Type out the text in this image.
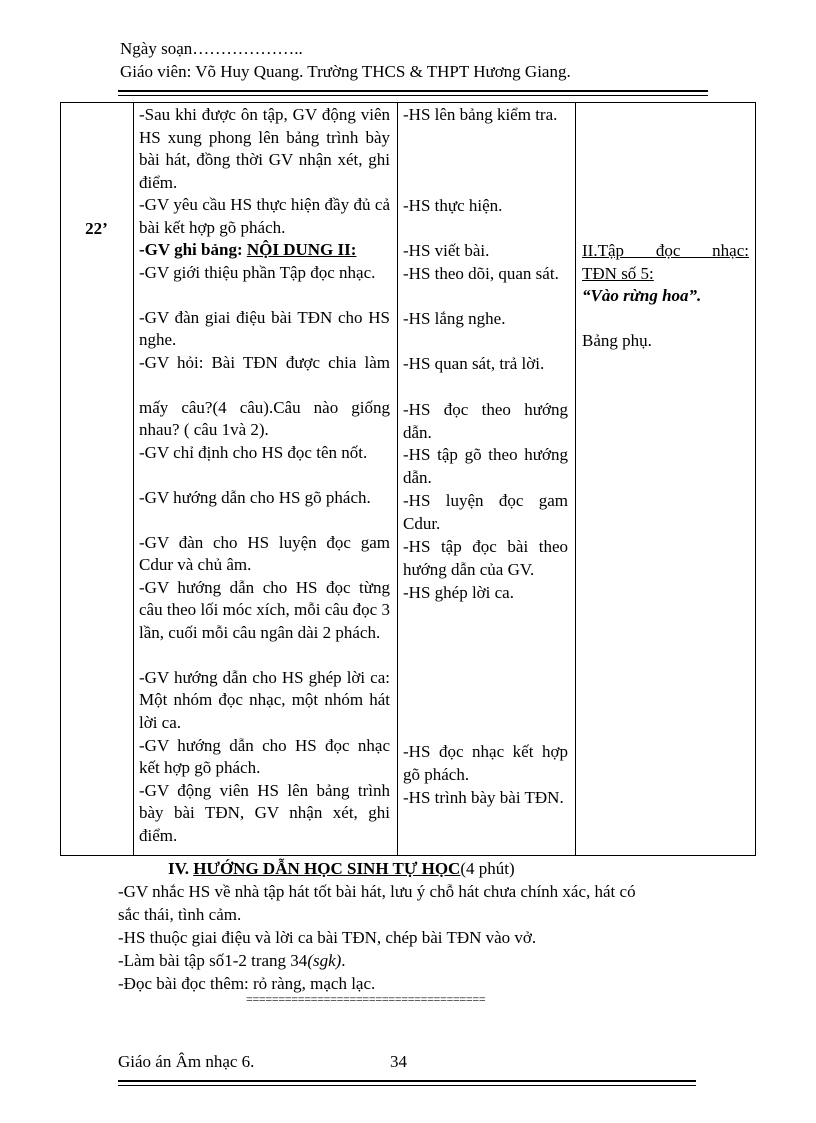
Ngày soạn………………..
Giáo viên: Võ Huy Quang. Trường THCS & THPT Hương Giang.
22’
-Sau khi được ôn tập, GV động viên HS xung phong lên bảng trình bày bài hát, đồng thời GV nhận xét, ghi điểm.
-GV yêu cầu HS thực hiện đầy đủ cả bài kết hợp gõ phách.
-GV ghi bảng: NỘI DUNG II:
-GV giới thiệu phần Tập đọc nhạc.
-GV đàn giai điệu bài TĐN cho HS nghe.
-GV hỏi: Bài TĐN được chia làm
mấy câu?(4 câu).Câu nào giống nhau? ( câu 1và 2).
-GV chỉ định cho HS đọc tên nốt.
-GV hướng dẫn cho HS gõ phách.
-GV đàn cho HS luyện đọc gam Cdur và chủ âm.
-GV hướng dẫn cho HS đọc từng câu theo lối móc xích, mỗi câu đọc 3 lần, cuối mỗi câu ngân dài 2 phách.
-GV hướng dẫn cho HS ghép lời ca: Một nhóm đọc nhạc, một nhóm hát lời ca.
-GV hướng dẫn cho HS đọc nhạc kết hợp gõ phách.
-GV động viên HS lên bảng trình bày bài TĐN, GV nhận xét, ghi điểm.
-HS lên bảng kiểm tra.
-HS thực hiện.
-HS viết bài.
-HS theo dõi, quan sát.
-HS lắng nghe.
-HS quan sát, trả lời.
-HS đọc theo hướng dẫn.
-HS tập gõ theo hướng dẫn.
-HS luyện đọc gam Cdur.
-HS tập đọc bài theo hướng dẫn của GV.
-HS ghép lời ca.
-HS đọc nhạc kết hợp gõ phách.
-HS trình bày bài TĐN.
II.Tập đọc nhạc:
TĐN số 5:
“Vào rừng hoa”.
Bảng phụ.
IV. HƯỚNG DẪN HỌC SINH TỰ HỌC(4 phút)
-GV nhắc HS về nhà tập hát tốt bài hát, lưu ý chỗ hát chưa chính xác, hát có
sắc thái, tình cảm.
-HS thuộc giai điệu và lời ca bài TĐN, chép bài TĐN vào vở.
-Làm bài tập số1-2 trang 34(sgk).
-Đọc bài đọc thêm: rỏ ràng, mạch lạc.
=====================================
Giáo án Âm nhạc 6.	34
